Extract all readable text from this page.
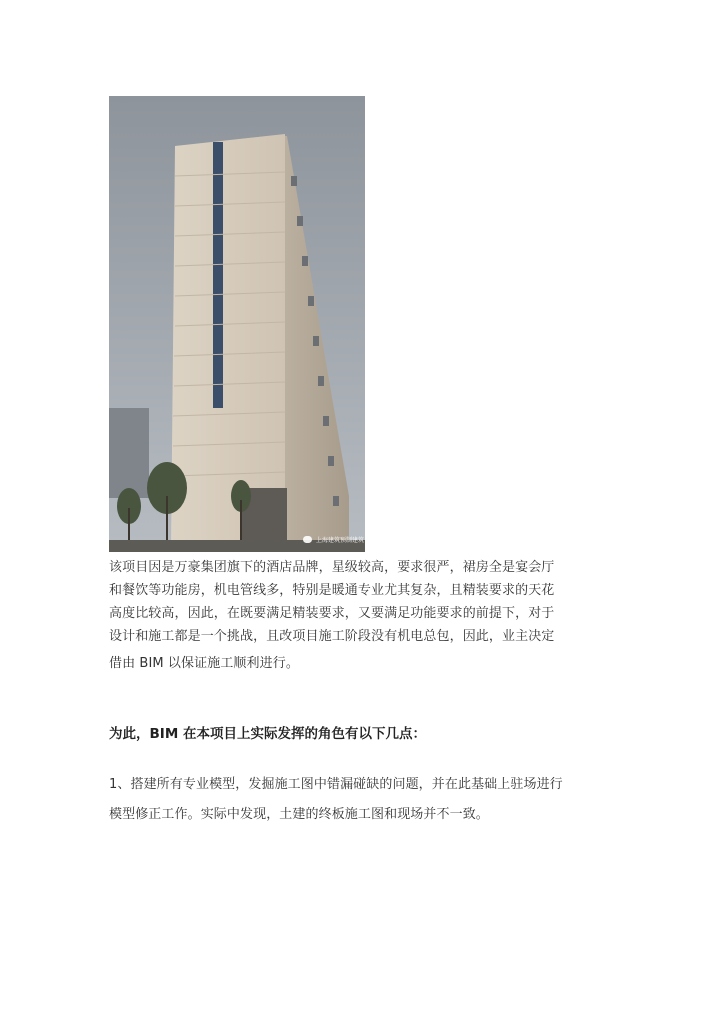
上海建筑预制建筑

该项目因是万豪集团旗下的酒店品牌，星级较高，要求很严，裙房全是宴会厅
和餐饮等功能房，机电管线多，特别是暖通专业尤其复杂，且精装要求的天花
高度比较高，因此，在既要满足精装要求，又要满足功能要求的前提下，对于
设计和施工都是一个挑战，且改项目施工阶段没有机电总包，因此，业主决定
借由 BIM 以保证施工顺利进行。

为此，BIM 在本项目上实际发挥的角色有以下几点：

1、搭建所有专业模型，发掘施工图中错漏碰缺的问题，并在此基础上驻场进行
模型修正工作。实际中发现，土建的终板施工图和现场并不一致。
